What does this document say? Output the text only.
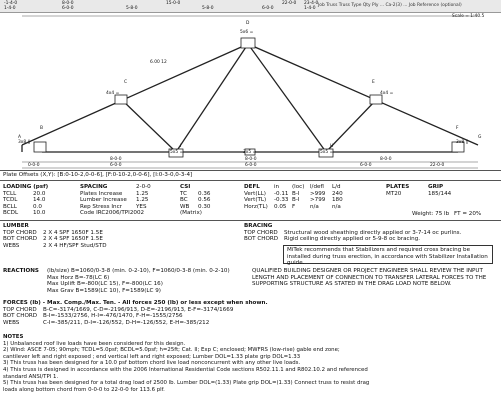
-1-4-0	8-0-0	15-0-0	22-0-0 23-4-0
1-4-0	6-0-0	5-8-0	5-8-0	6-0-0	1-4-0
Job Truss Truss Type Qty Ply ... Ca-2(3) ... Job Reference (optional)
Scale = 1:40.5
5x6 =
4x4 =	4x4 =
3x8 ||	3x8 ||
5x5 =	3x5 =	5x5 =
6.00 12
A
B
C
D
E
F
G
H
I
8-0-0	8-0-0	8-0-0
0-0-0	22-0-0
6-0-0	6-0-0	6-0-0
Plate Offsets (X,Y): [B:0-10-2,0-0-6], [F:0-10-2,0-0-6], [I:0-3-0,0-3-4]
LOADING (psf)
TCLL	20.0
TCDL	14.0
BCLL	0.0
BCDL	10.0
SPACING	2-0-0
Plates Increase 1.25
Lumber Increase 1.25
Rep Stress Incr	YES
Code IRC2006/TPI2002
CSI
TC 0.36
BC 0.56
WB 0.30
(Matrix)
DEFL	in (loc) l/defl L/d
Vert(LL) -0.11 B-I >999 240
Vert(TL) -0.33 B-I >799 180
Horz(TL) 0.05 F	n/a n/a
PLATES	GRIP
MT20	185/144
Weight: 75 lb FT = 20%
LUMBER
TOP CHORD 2 X 4 SPF 1650F 1.5E
BOT CHORD 2 X 4 SPF 1650F 1.5E
WEBS	2 X 4 HF/SPF Stud/STD
BRACING
TOP CHORD Structural wood sheathing directly applied or 3-7-14 oc purlins.
BOT CHORD Rigid ceiling directly applied or 5-9-8 oc bracing.
MiTek recommends that Stabilizers and required cross bracing be installed during truss erection, in accordance with Stabilizer Installation guide.
REACTIONS (lb/size) B=1060/0-3-8 (min. 0-2-10), F=1060/0-3-8 (min. 0-2-10)
Max Horz B=-78(LC 6)
Max Uplift B=-800(LC 15), F=-800(LC 16)
Max Grav B=1589(LC 10), F=1589(LC 9)
QUALIFIED BUILDING DESIGNER OR PROJECT ENGINEER SHALL REVIEW THE INPUT LENGTH AND PLACEMENT OF CONNECTION TO TRANSFER LATERAL FORCES TO THE SUPPORTING STRUCTURE AS STATED IN THE DRAG LOAD NOTE BELOW.
FORCES (lb) - Max. Comp./Max. Ten. - All forces 250 (lb) or less except when shown.
TOP CHORD B-C=-3174/1669, C-D=-2196/913, D-E=-2196/913, E-F=-3174/1669
BOT CHORD B-I=-1533/2756, H-I=-476/1470, F-H=-1555/2756
WEBS	C-I=-385/211, D-I=-126/552, D-H=-126/552, E-H=-385/212
NOTES
1) Unbalanced roof live loads have been considered for this design.
2) Wind: ASCE 7-05; 90mph; TCDL=5.0psf; BCDL=5.0psf; h=25ft; Cat. II; Exp C; enclosed; MWFRS (low-rise) gable end zone;
cantilever left and right exposed ; end vertical left and right exposed; Lumber DOL=1.33 plate grip DOL=1.33
3) This truss has been designed for a 10.0 psf bottom chord live load nonconcurrent with any other live loads.
4) This truss is designed in accordance with the 2006 International Residential Code sections R502.11.1 and R802.10.2 and referenced
standard ANSI/TPI 1.
5) This truss has been designed for a total drag load of 2500 lb. Lumber DOL=(1.33) Plate grip DOL=(1.33) Connect truss to resist drag
loads along bottom chord from 0-0-0 to 22-0-0 for 113.6 plf.
